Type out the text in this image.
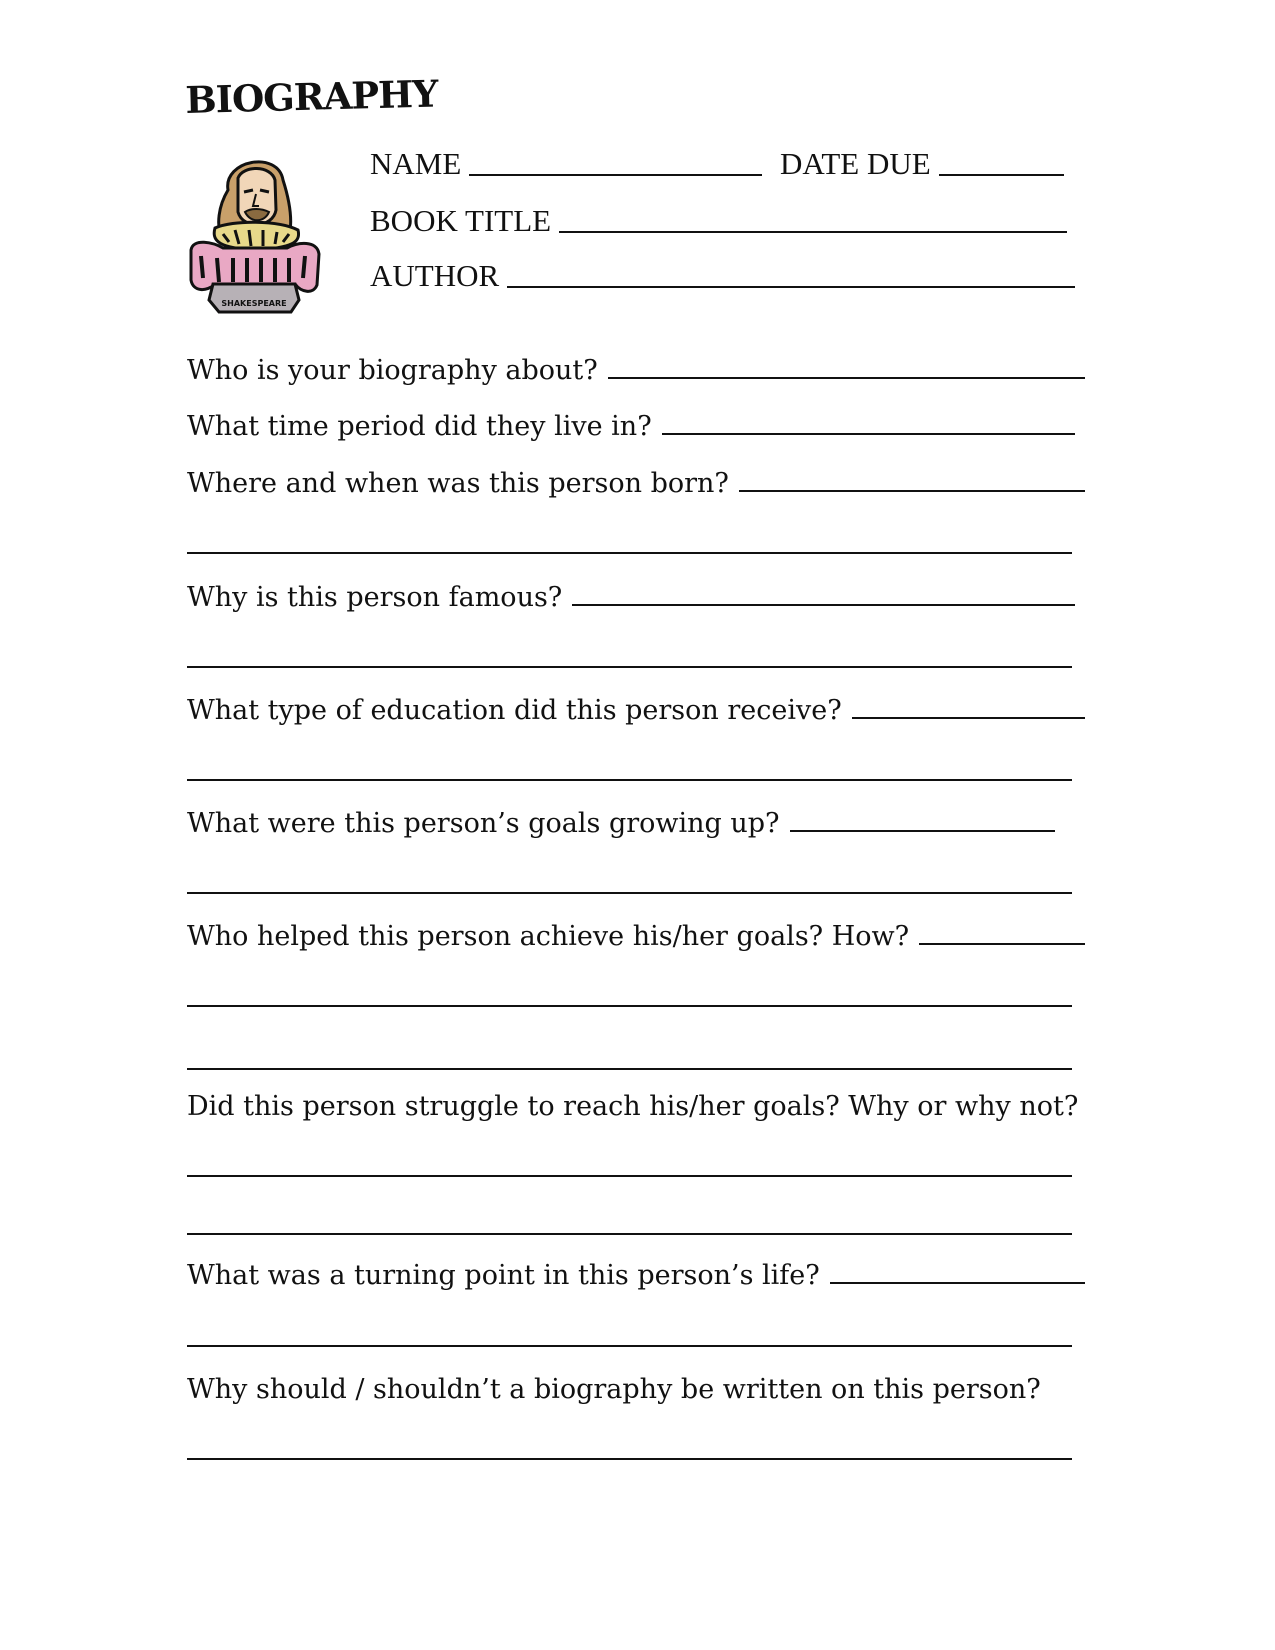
BIOGRAPHY
SHAKESPEARE
NAME	DATE DUE
BOOK TITLE
AUTHOR
Who is your biography about?
What time period did they live in?
Where and when was this person born?
Why is this person famous?
What type of education did this person receive?
What were this person’s goals growing up?
Who helped this person achieve his/her goals? How?
Did this person struggle to reach his/her goals? Why or why not?
What was a turning point in this person’s life?
Why should / shouldn’t a biography be written on this person?
